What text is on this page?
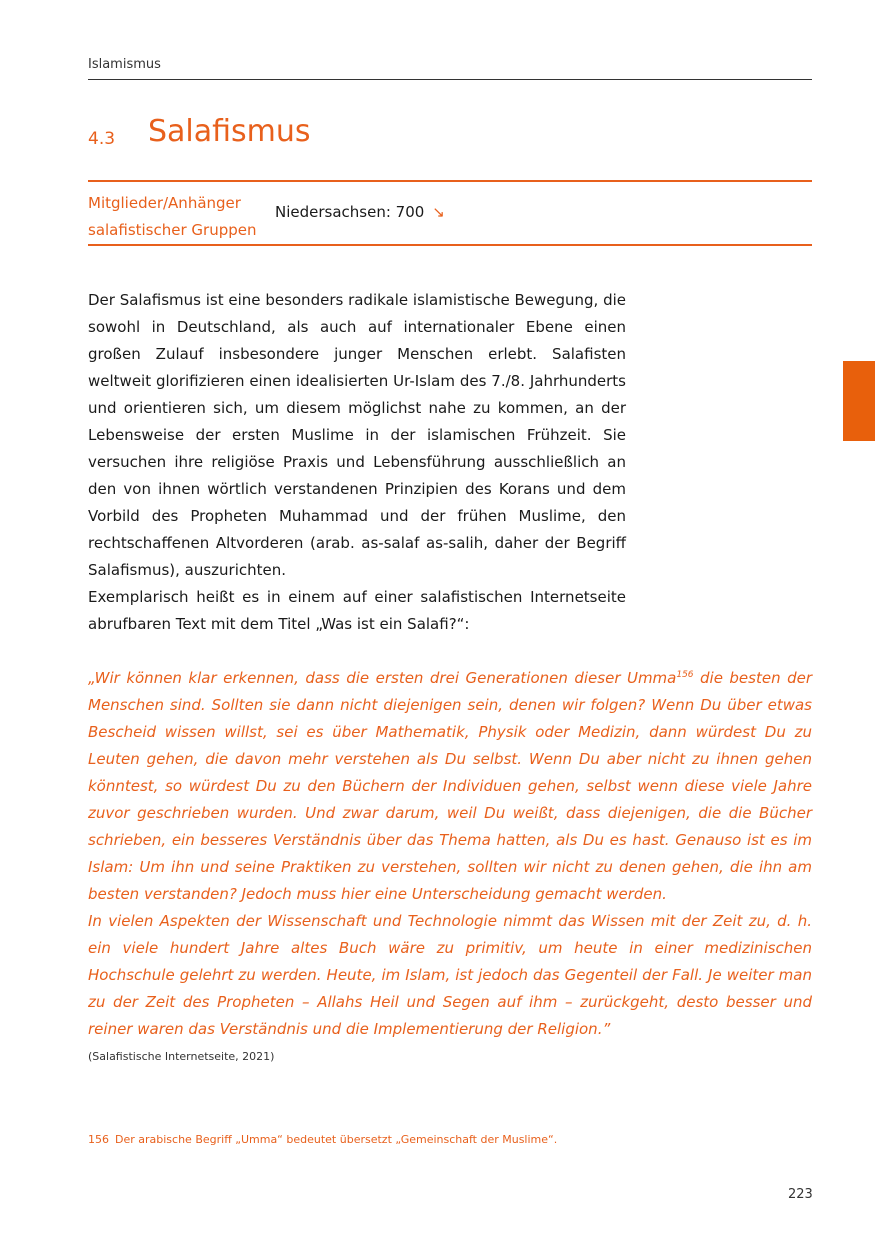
Islamismus
4.3 Salafismus
Mitglieder/Anhänger
salafistischer Gruppen
Niedersachsen: 700 ↘

Der Salafismus ist eine besonders radikale islamistische Bewegung, die sowohl in Deutschland, als auch auf internationaler Ebene einen großen Zulauf insbesondere junger Menschen erlebt. Salafisten weltweit glorifizieren einen idealisierten Ur-Islam des 7./8. Jahrhunderts und orientieren sich, um diesem möglichst nahe zu kommen, an der Lebensweise der ersten Muslime in der islamischen Frühzeit. Sie versuchen ihre religiöse Praxis und Lebensführung ausschließlich an den von ihnen wörtlich verstandenen Prinzipien des Korans und dem Vorbild des Propheten Muhammad und der frühen Muslime, den rechtschaffenen Altvorderen (arab. as-salaf as-salih, daher der Begriff Salafismus), auszurichten.

Exemplarisch heißt es in einem auf einer salafistischen Internetseite abrufbaren Text mit dem Titel „Was ist ein Salafi?“:

„Wir können klar erkennen, dass die ersten drei Generationen dieser Umma$^{156}$ die besten der Menschen sind. Sollten sie dann nicht diejenigen sein, denen wir folgen? Wenn Du über etwas Bescheid wissen willst, sei es über Mathematik, Physik oder Medizin, dann würdest Du zu Leuten gehen, die davon mehr verstehen als Du selbst. Wenn Du aber nicht zu ihnen gehen könntest, so würdest Du zu den Büchern der Individuen gehen, selbst wenn diese viele Jahre zuvor geschrieben wurden. Und zwar darum, weil Du weißt, dass diejenigen, die die Bücher schrieben, ein besseres Verständnis über das Thema hatten, als Du es hast. Genauso ist es im Islam: Um ihn und seine Praktiken zu verstehen, sollten wir nicht zu denen gehen, die ihn am besten verstanden? Jedoch muss hier eine Unterscheidung gemacht werden.

In vielen Aspekten der Wissenschaft und Technologie nimmt das Wissen mit der Zeit zu, d. h. ein viele hundert Jahre altes Buch wäre zu primitiv, um heute in einer medizinischen Hochschule gelehrt zu werden. Heute, im Islam, ist jedoch das Gegenteil der Fall. Je weiter man zu der Zeit des Propheten – Allahs Heil und Segen auf ihm – zurückgeht, desto besser und reiner waren das Verständnis und die Implementierung der Religion.”

(Salafistische Internetseite, 2021)
156 Der arabische Begriff „Umma“ bedeutet übersetzt „Gemeinschaft der Muslime“.
223
